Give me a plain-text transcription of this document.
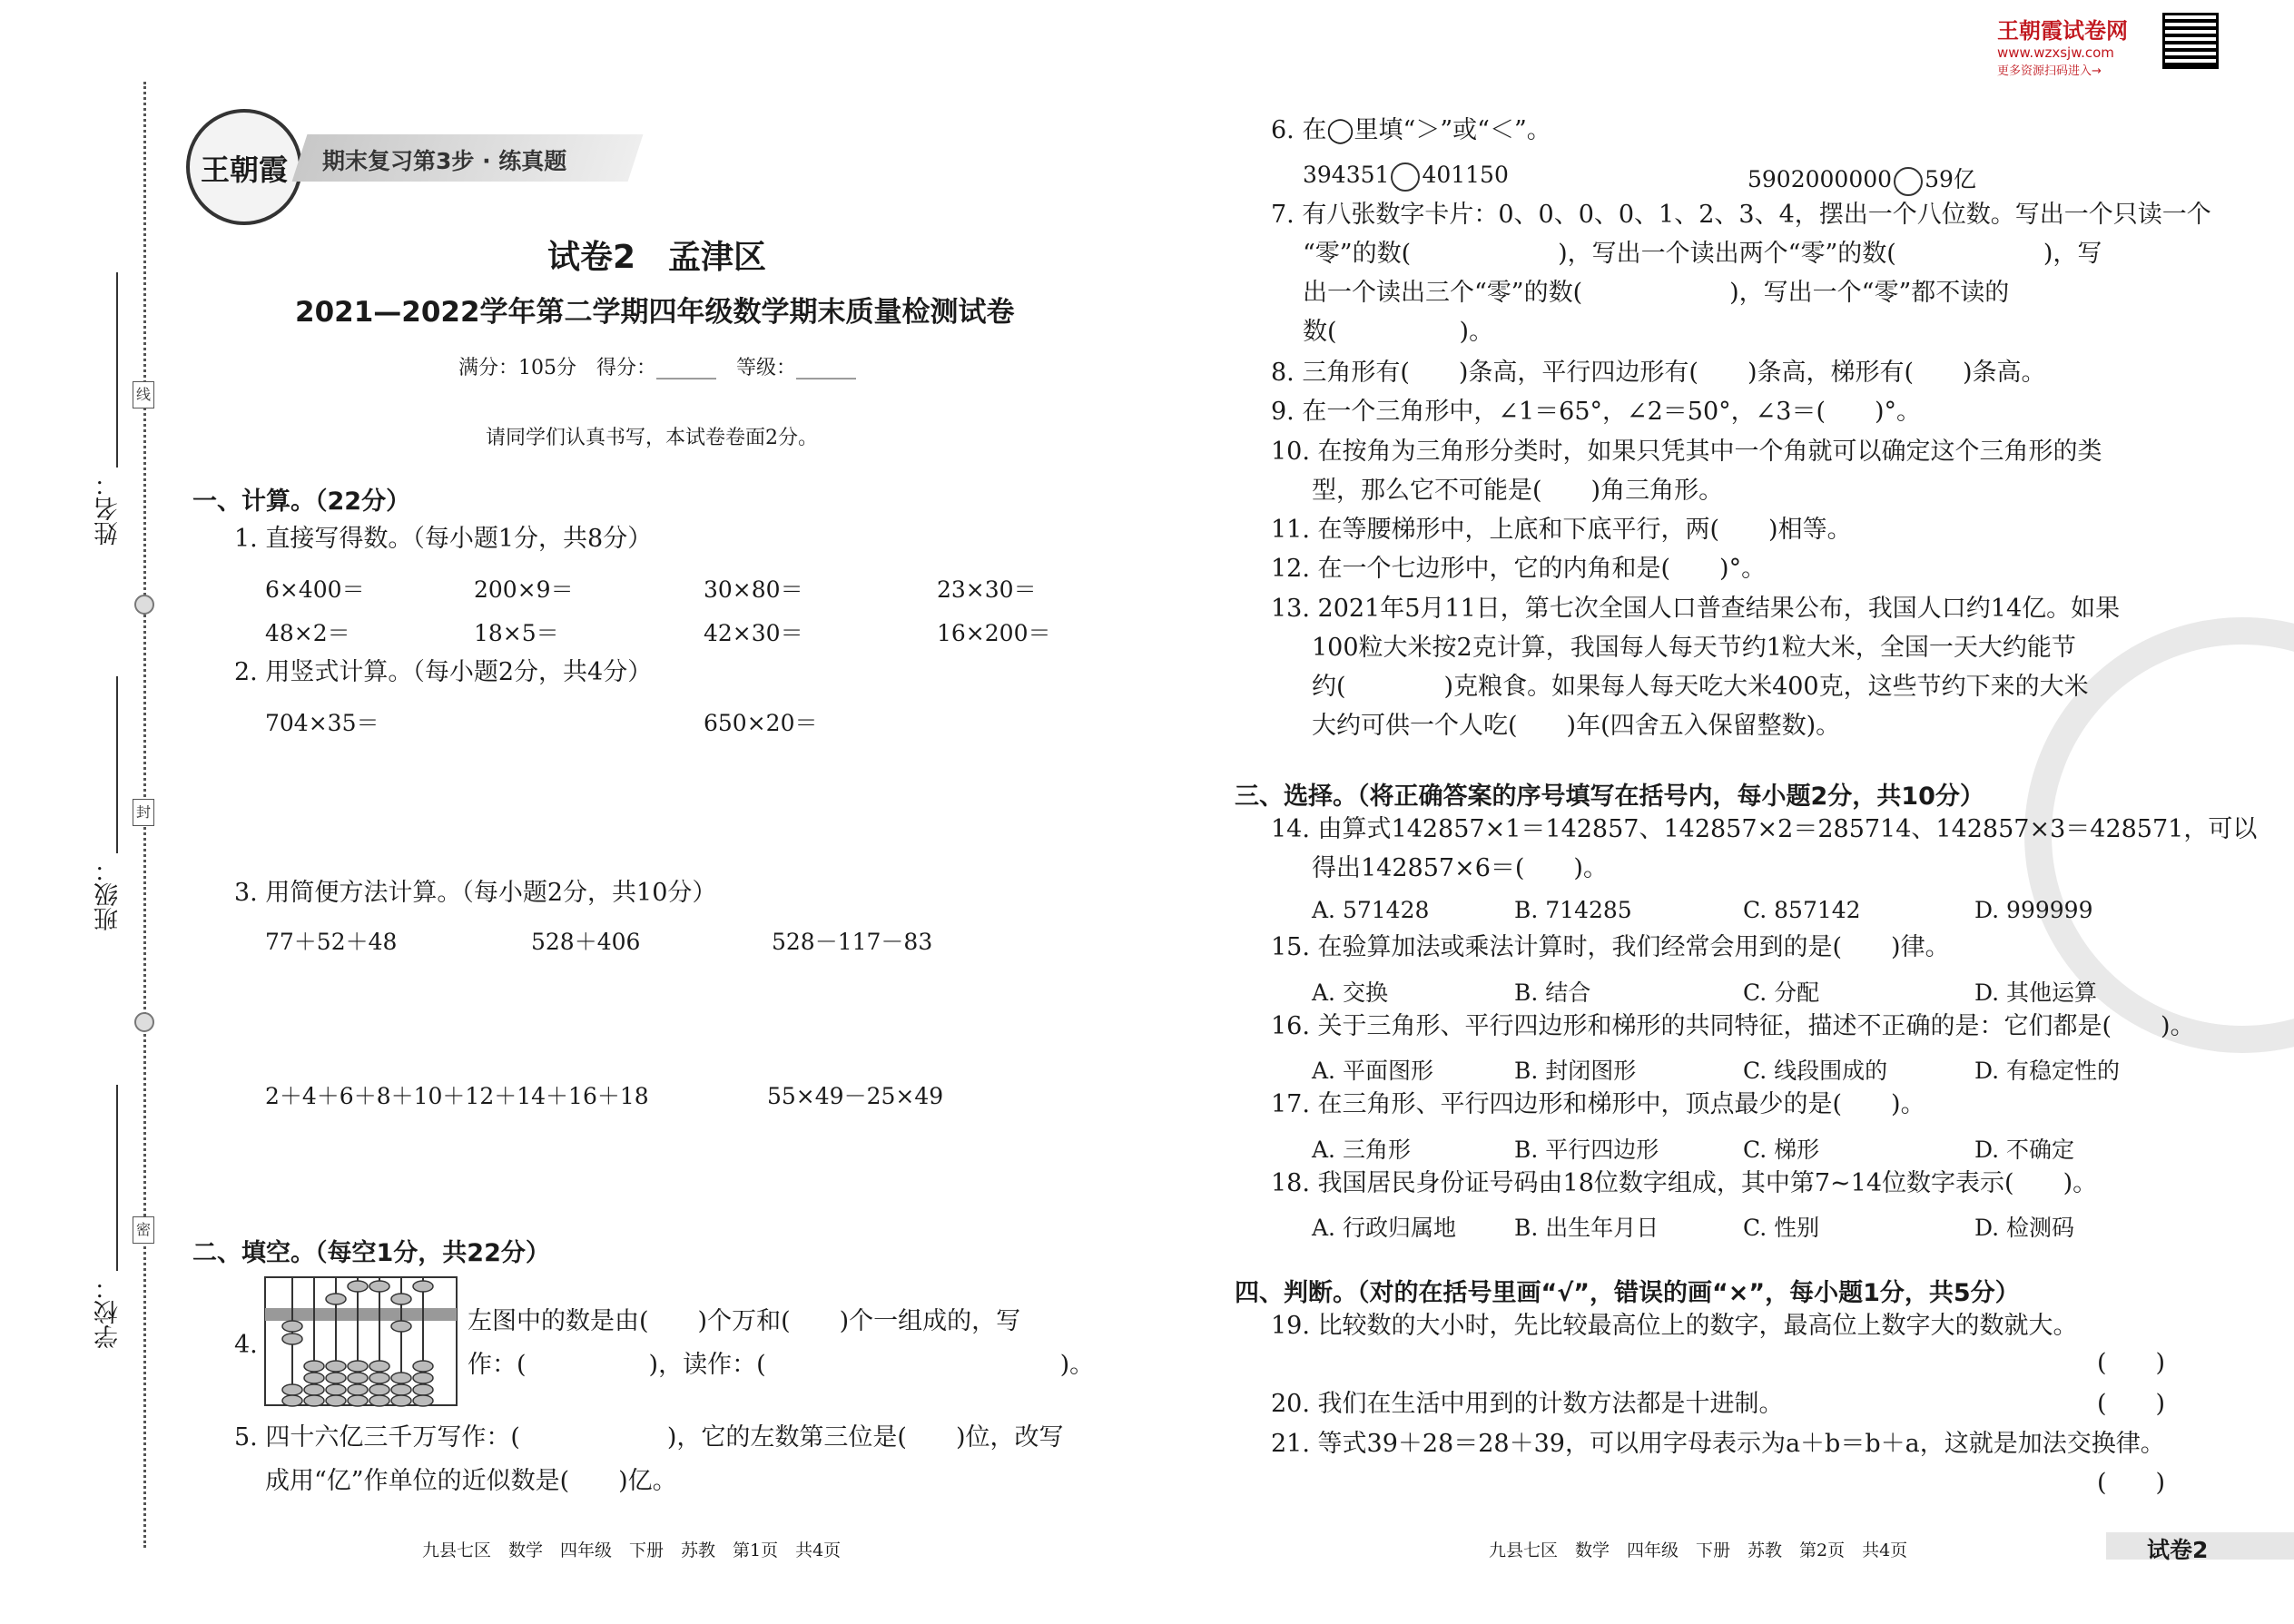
姓名：
班级：
学校：
线
封
密
王朝霞	期末复习第3步 · 练真题
试卷2　孟津区
2021—2022学年第二学期四年级数学期末质量检测试卷
满分：105分　得分：______　等级：______
请同学们认真书写，本试卷卷面2分。
一、计算。（22分）
1. 直接写得数。（每小题1分，共8分）
6×400＝	200×9＝	30×80＝	23×30＝
48×2＝	18×5＝	42×30＝	16×200＝
2. 用竖式计算。（每小题2分，共4分）
704×35＝	650×20＝
3. 用简便方法计算。（每小题2分，共10分）
77＋52＋48	528＋406	528－117－83
2＋4＋6＋8＋10＋12＋14＋16＋18	55×49－25×49
二、填空。（每空1分，共22分）
4.
左图中的数是由(　　)个万和(　　)个一组成的，写
作：(　　　　　)，读作：(　　　　　　　　　　　　)。
5. 四十六亿三千万写作：(　　　　　　)，它的左数第三位是(　　)位，改写
成用“亿”作单位的近似数是(　　)亿。
九县七区　数学　四年级　下册　苏教　第1页　共4页
王朝霞试卷网
www.wzxsjw.com
更多资源扫码进入→
6. 在◯里填“＞”或“＜”。
394351 401150	5902000000 59亿
7. 有八张数字卡片：0、0、0、0、1、2、3、4，摆出一个八位数。写出一个只读一个
“零”的数(　　　　　　)，写出一个读出两个“零”的数(　　　　　　)，写
出一个读出三个“零”的数(　　　　　　)，写出一个“零”都不读的
数(　　　　　)。
8. 三角形有(　　)条高，平行四边形有(　　)条高，梯形有(　　)条高。
9. 在一个三角形中，∠1＝65°，∠2＝50°，∠3＝(　　)°。
10. 在按角为三角形分类时，如果只凭其中一个角就可以确定这个三角形的类
型，那么它不可能是(　　)角三角形。
11. 在等腰梯形中，上底和下底平行，两(　　)相等。
12. 在一个七边形中，它的内角和是(　　)°。
13. 2021年5月11日，第七次全国人口普查结果公布，我国人口约14亿。如果
100粒大米按2克计算，我国每人每天节约1粒大米，全国一天大约能节
约(　　　　)克粮食。如果每人每天吃大米400克，这些节约下来的大米
大约可供一个人吃(　　)年(四舍五入保留整数)。
三、选择。（将正确答案的序号填写在括号内，每小题2分，共10分）
14. 由算式142857×1＝142857、142857×2＝285714、142857×3＝428571，可以
得出142857×6＝(　　)。
A. 571428	B. 714285	C. 857142	D. 999999
15. 在验算加法或乘法计算时，我们经常会用到的是(　　)律。
A. 交换	B. 结合	C. 分配	D. 其他运算
16. 关于三角形、平行四边形和梯形的共同特征，描述不正确的是：它们都是(　　)。
A. 平面图形	B. 封闭图形	C. 线段围成的	D. 有稳定性的
17. 在三角形、平行四边形和梯形中，顶点最少的是(　　)。
A. 三角形	B. 平行四边形	C. 梯形	D. 不确定
18. 我国居民身份证号码由18位数字组成，其中第7~14位数字表示(　　)。
A. 行政归属地	B. 出生年月日	C. 性别	D. 检测码
四、判断。（对的在括号里画“√”，错误的画“×”，每小题1分，共5分）
19. 比较数的大小时，先比较最高位上的数字，最高位上数字大的数就大。
(　　)
20. 我们在生活中用到的计数方法都是十进制。	(　　)
21. 等式39＋28＝28＋39，可以用字母表示为a＋b＝b＋a，这就是加法交换律。
(　　)
九县七区　数学　四年级　下册　苏教　第2页　共4页	试卷2
